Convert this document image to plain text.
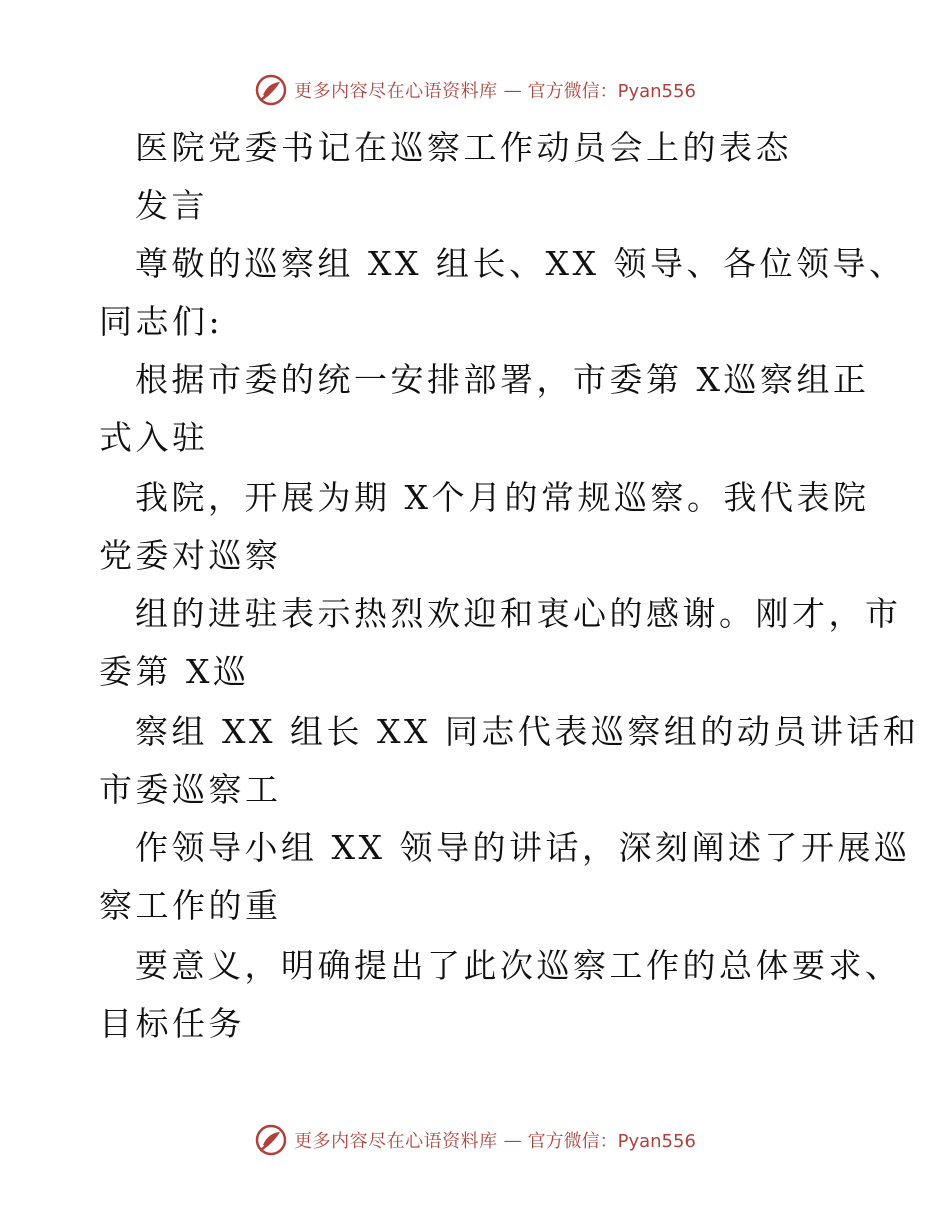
更多内容尽在心语资料库 — 官方微信：Pyan556
医院党委书记在巡察工作动员会上的表态
发言
尊敬的巡察组 XX 组长、XX 领导、各位领导、
同志们:
根据市委的统一安排部署，市委第 X巡察组正
式入驻
我院，开展为期 X个月的常规巡察。我代表院
党委对巡察
组的进驻表示热烈欢迎和衷心的感谢。刚才，市
委第 X巡
察组 XX 组长 XX 同志代表巡察组的动员讲话和
市委巡察工
作领导小组 XX 领导的讲话，深刻阐述了开展巡
察工作的重
要意义，明确提出了此次巡察工作的总体要求、
目标任务
更多内容尽在心语资料库 — 官方微信：Pyan556
